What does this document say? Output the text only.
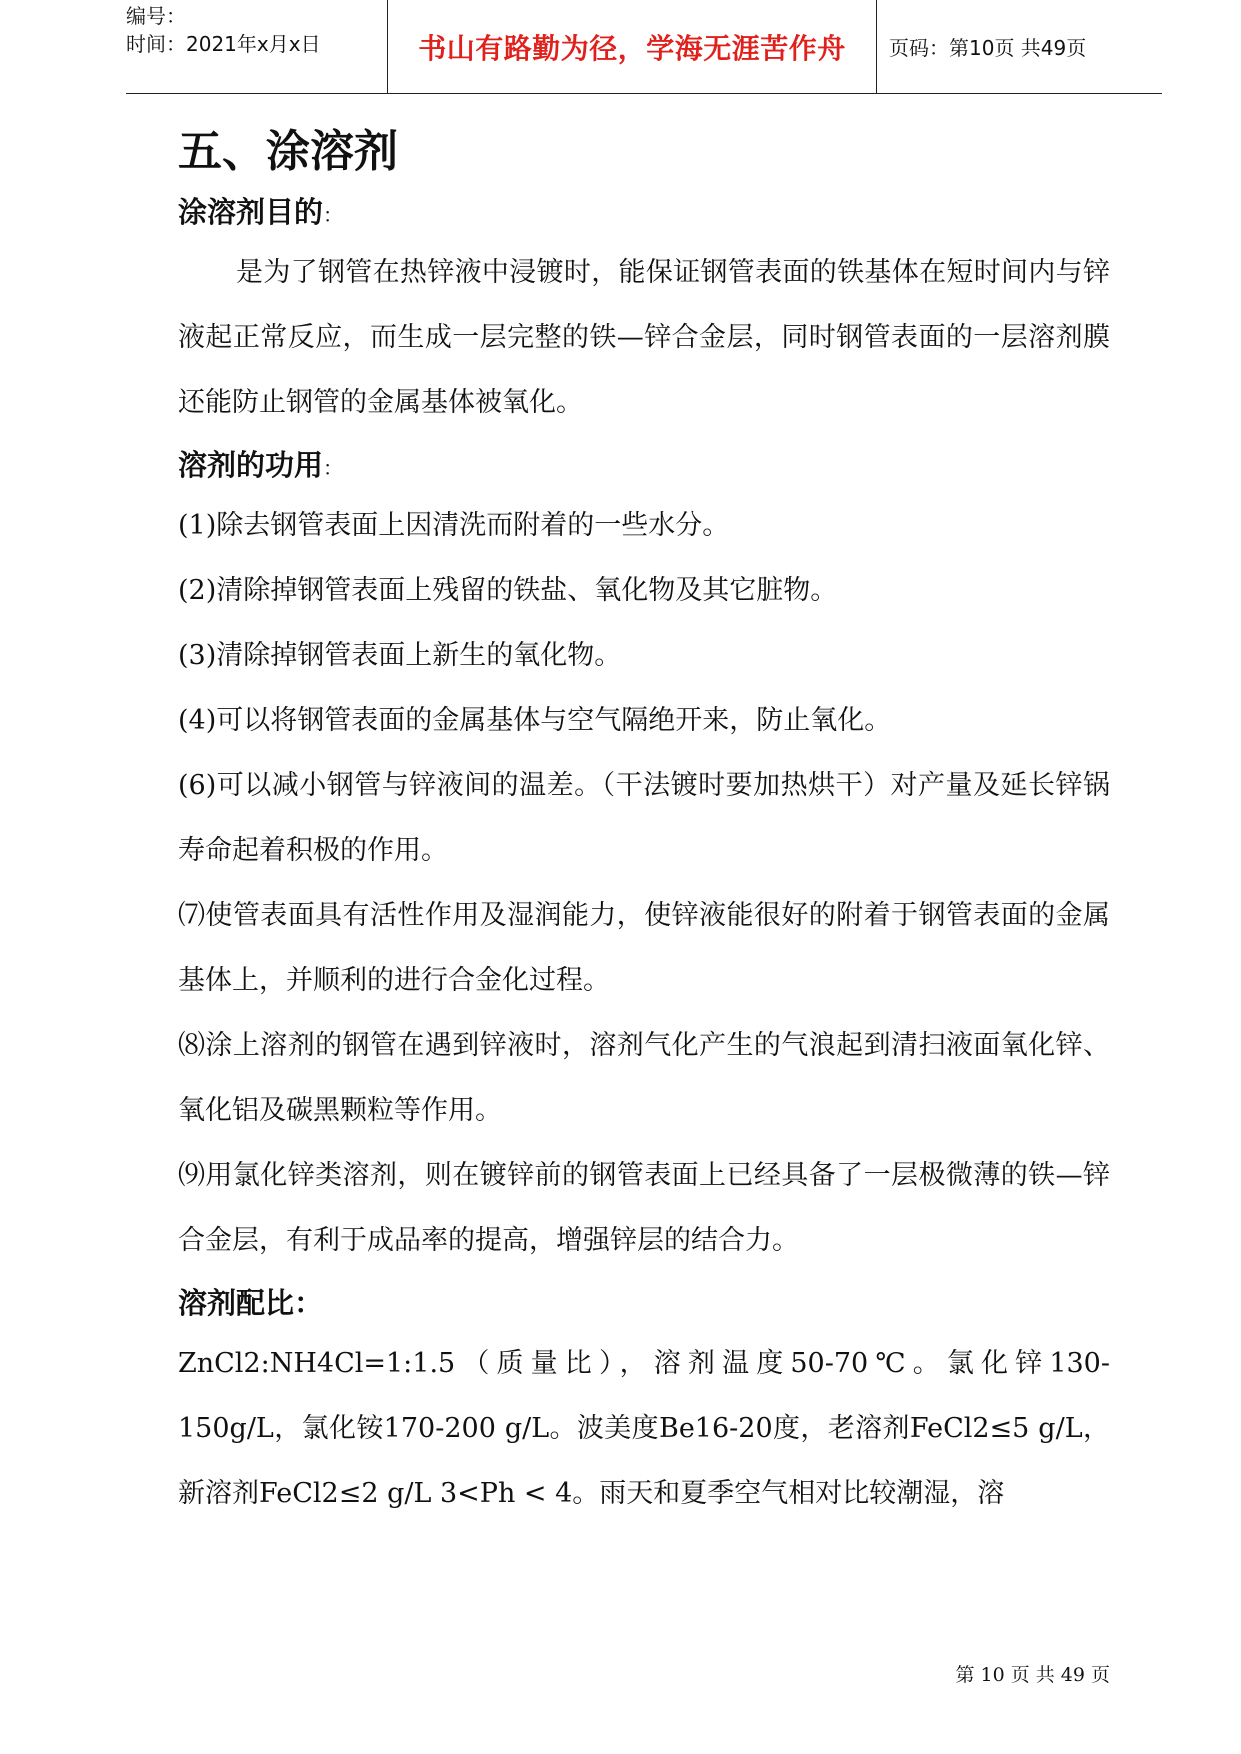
编号：
时间：2021年x月x日	书山有路勤为径，学海无涯苦作舟	页码：第10页 共49页
五、涂溶剂
涂溶剂目的：

是为了钢管在热锌液中浸镀时，能保证钢管表面的铁基体在短时间内与锌液起正常反应，而生成一层完整的铁—锌合金层，同时钢管表面的一层溶剂膜还能防止钢管的金属基体被氧化。

溶剂的功用：

(1)除去钢管表面上因清洗而附着的一些水分。

(2)清除掉钢管表面上残留的铁盐、氧化物及其它脏物。

(3)清除掉钢管表面上新生的氧化物。

(4)可以将钢管表面的金属基体与空气隔绝开来，防止氧化。

(6)可以减小钢管与锌液间的温差。（干法镀时要加热烘干）对产量及延长锌锅寿命起着积极的作用。

⑺使管表面具有活性作用及湿润能力，使锌液能很好的附着于钢管表面的金属基体上，并顺利的进行合金化过程。

⑻涂上溶剂的钢管在遇到锌液时，溶剂气化产生的气浪起到清扫液面氧化锌、氧化铝及碳黑颗粒等作用。

⑼用氯化锌类溶剂，则在镀锌前的钢管表面上已经具备了一层极微薄的铁—锌合金层，有利于成品率的提高，增强锌层的结合力。

溶剂配比：

ZnCl2:NH4Cl=1:1.5（质量比），溶剂温度50-70℃。氯化锌130-150g/L，氯化铵170-200 g/L。波美度Be16-20度，老溶剂FeCl2≤5 g/L，新溶剂FeCl2≤2 g/L 3<Ph < 4。雨天和夏季空气相对比较潮湿，溶

第 10 页 共 49 页
